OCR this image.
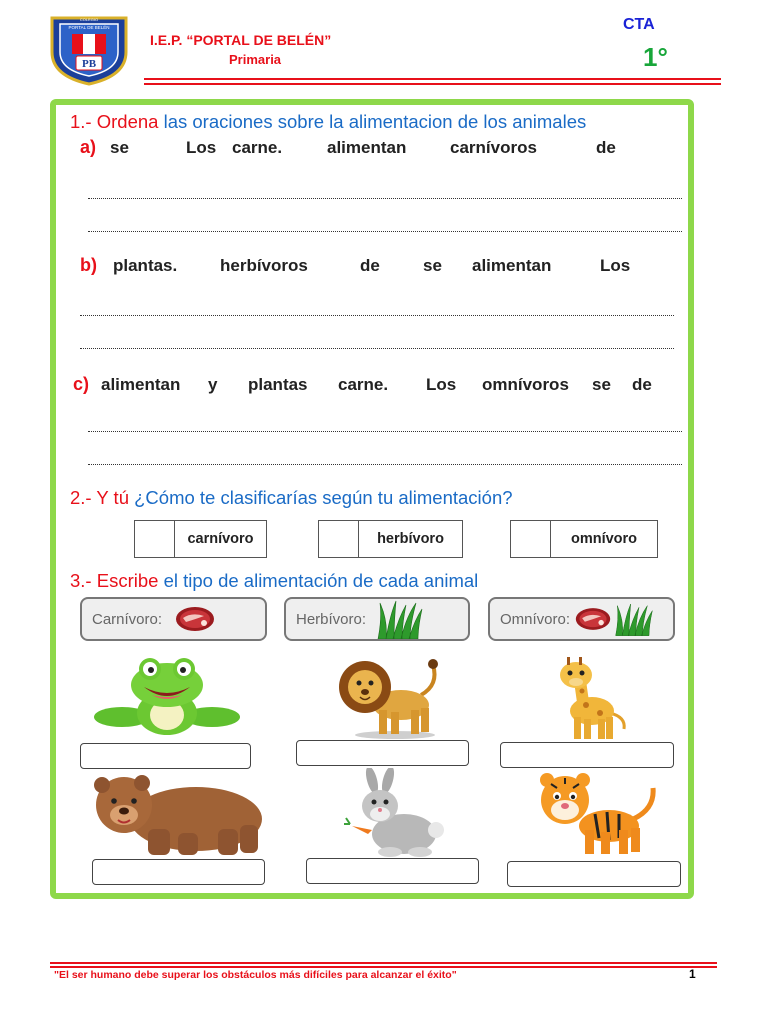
COLEGIO
PORTAL DE BELÉN
PB
I.E.P. “PORTAL DE BELÉN”
Primaria
CTA
1°
1.- Ordena las oraciones sobre la alimentacion de los animales
a) se	Los carne.	alimentan	carnívoros	de
b) plantas.	herbívoros	de	se alimentan	Los
c) alimentan y plantas carne. Los omnívoros se de
2.- Y tú ¿Cómo te clasificarías según tu alimentación?
carnívoro	herbívoro	omnívoro
3.- Escribe el tipo de alimentación de cada animal
Carnívoro:	Herbívoro:	Omnívoro:
"El ser humano debe superar los obstáculos más difíciles para alcanzar el éxito"	1
